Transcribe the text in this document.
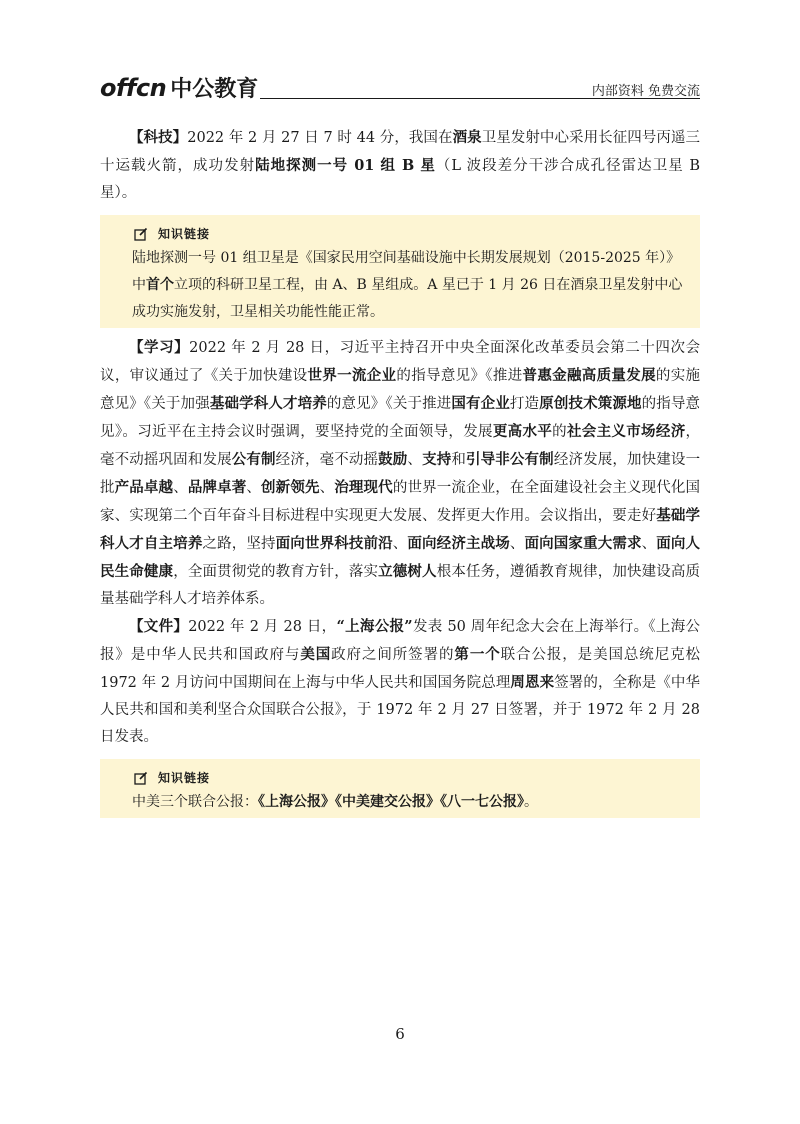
offcn 中公教育	内部资料 免费交流

【科技】2022 年 2 月 27 日 7 时 44 分，我国在酒泉卫星发射中心采用长征四号丙遥三十运载火箭，成功发射陆地探测一号 01 组 B 星（L 波段差分干涉合成孔径雷达卫星 B 星）。

知识链接

陆地探测一号 01 组卫星是《国家民用空间基础设施中长期发展规划（2015-2025 年）》

中首个立项的科研卫星工程，由 A、B 星组成。A 星已于 1 月 26 日在酒泉卫星发射中心

成功实施发射，卫星相关功能性能正常。

【学习】2022 年 2 月 28 日，习近平主持召开中央全面深化改革委员会第二十四次会议，审议通过了《关于加快建设世界一流企业的指导意见》《推进普惠金融高质量发展的实施意见》《关于加强基础学科人才培养的意见》《关于推进国有企业打造原创技术策源地的指导意见》。习近平在主持会议时强调，要坚持党的全面领导，发展更高水平的社会主义市场经济，毫不动摇巩固和发展公有制经济，毫不动摇鼓励、支持和引导非公有制经济发展，加快建设一批产品卓越、品牌卓著、创新领先、治理现代的世界一流企业，在全面建设社会主义现代化国家、实现第二个百年奋斗目标进程中实现更大发展、发挥更大作用。会议指出，要走好基础学科人才自主培养之路，坚持面向世界科技前沿、面向经济主战场、面向国家重大需求、面向人民生命健康，全面贯彻党的教育方针，落实立德树人根本任务，遵循教育规律，加快建设高质量基础学科人才培养体系。

【文件】2022 年 2 月 28 日，“上海公报”发表 50 周年纪念大会在上海举行。《上海公报》是中华人民共和国政府与美国政府之间所签署的第一个联合公报，是美国总统尼克松 1972 年 2 月访问中国期间在上海与中华人民共和国国务院总理周恩来签署的，全称是《中华人民共和国和美利坚合众国联合公报》，于 1972 年 2 月 27 日签署，并于 1972 年 2 月 28 日发表。

知识链接

中美三个联合公报：《上海公报》《中美建交公报》《八一七公报》。

6
